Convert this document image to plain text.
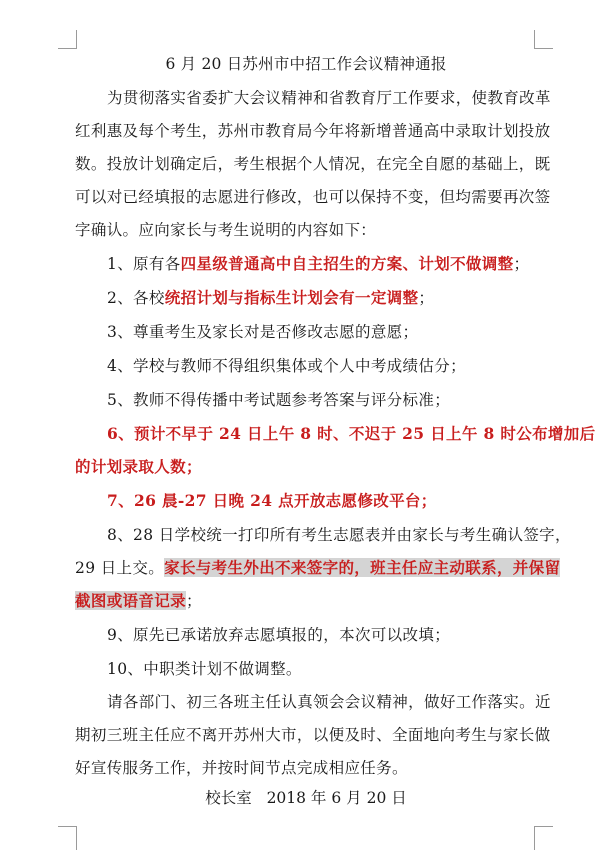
6 月 20 日苏州市中招工作会议精神通报
为贯彻落实省委扩大会议精神和省教育厅工作要求，使教育改革
红利惠及每个考生，苏州市教育局今年将新增普通高中录取计划投放
数。投放计划确定后，考生根据个人情况，在完全自愿的基础上，既
可以对已经填报的志愿进行修改，也可以保持不变，但均需要再次签
字确认。应向家长与考生说明的内容如下：
1、原有各四星级普通高中自主招生的方案、计划不做调整；
2、各校统招计划与指标生计划会有一定调整；
3、尊重考生及家长对是否修改志愿的意愿；
4、学校与教师不得组织集体或个人中考成绩估分；
5、教师不得传播中考试题参考答案与评分标准；
6、预计不早于 24 日上午 8 时、不迟于 25 日上午 8 时公布增加后
的计划录取人数；
7、26 晨-27 日晚 24 点开放志愿修改平台；
8、28 日学校统一打印所有考生志愿表并由家长与考生确认签字，
29 日上交。家长与考生外出不来签字的，班主任应主动联系，并保留
截图或语音记录；
9、原先已承诺放弃志愿填报的，本次可以改填；
10、中职类计划不做调整。
请各部门、初三各班主任认真领会会议精神，做好工作落实。近
期初三班主任应不离开苏州大市，以便及时、全面地向考生与家长做
好宣传服务工作，并按时间节点完成相应任务。
校长室 2018 年 6 月 20 日
